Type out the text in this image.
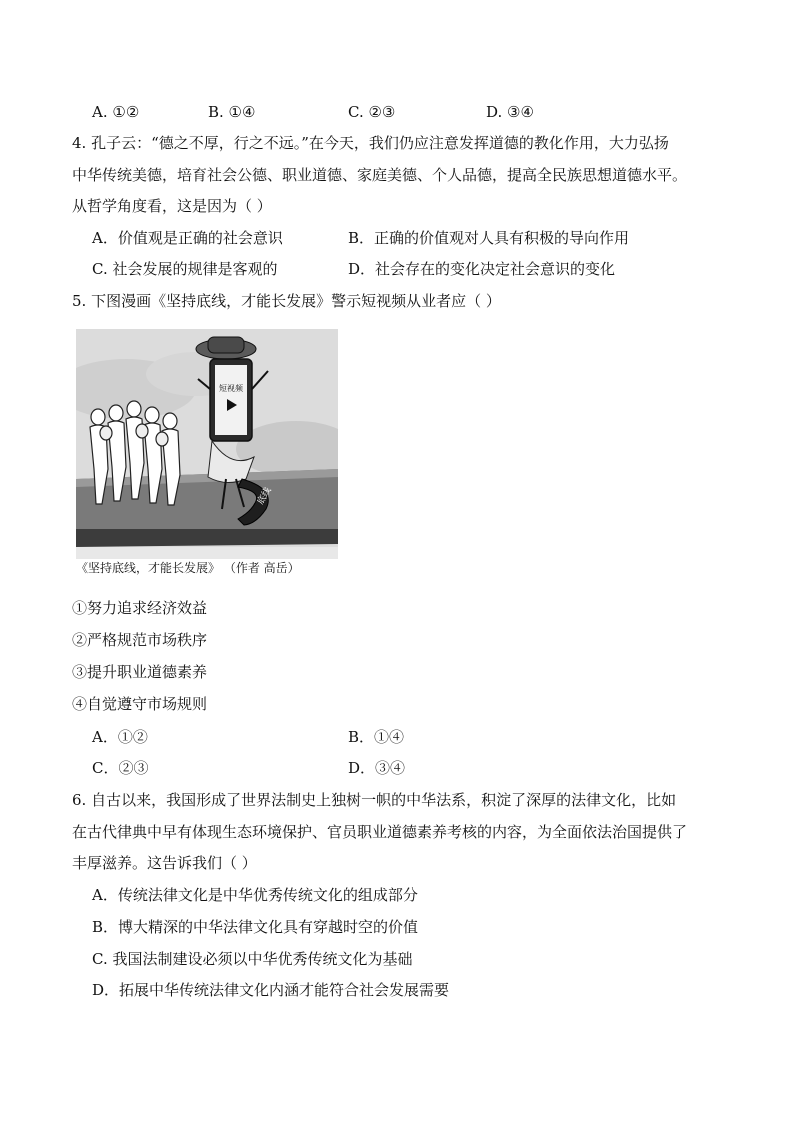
A. ①②	B. ①④	C. ②③	D. ③④
4. 孔子云：“德之不厚，行之不远。”在今天，我们仍应注意发挥道德的教化作用，大力弘扬
中华传统美德，培育社会公德、职业道德、家庭美德、个人品德，提高全民族思想道德水平。
从哲学角度看，这是因为（ ）
A．价值观是正确的社会意识	B．正确的价值观对人具有积极的导向作用
C. 社会发展的规律是客观的	D．社会存在的变化决定社会意识的变化
5. 下图漫画《坚持底线，才能长发展》警示短视频从业者应（ ）
短视频
底线
《坚持底线，才能长发展》 （作者 高岳）
①努力追求经济效益
②严格规范市场秩序
③提升职业道德素养
④自觉遵守市场规则
A．①②	B．①④
C．②③	D．③④
6. 自古以来，我国形成了世界法制史上独树一帜的中华法系，积淀了深厚的法律文化，比如
在古代律典中早有体现生态环境保护、官员职业道德素养考核的内容，为全面依法治国提供了
丰厚滋养。这告诉我们（ ）
A．传统法律文化是中华优秀传统文化的组成部分
B．博大精深的中华法律文化具有穿越时空的价值
C. 我国法制建设必须以中华优秀传统文化为基础
D．拓展中华传统法律文化内涵才能符合社会发展需要
